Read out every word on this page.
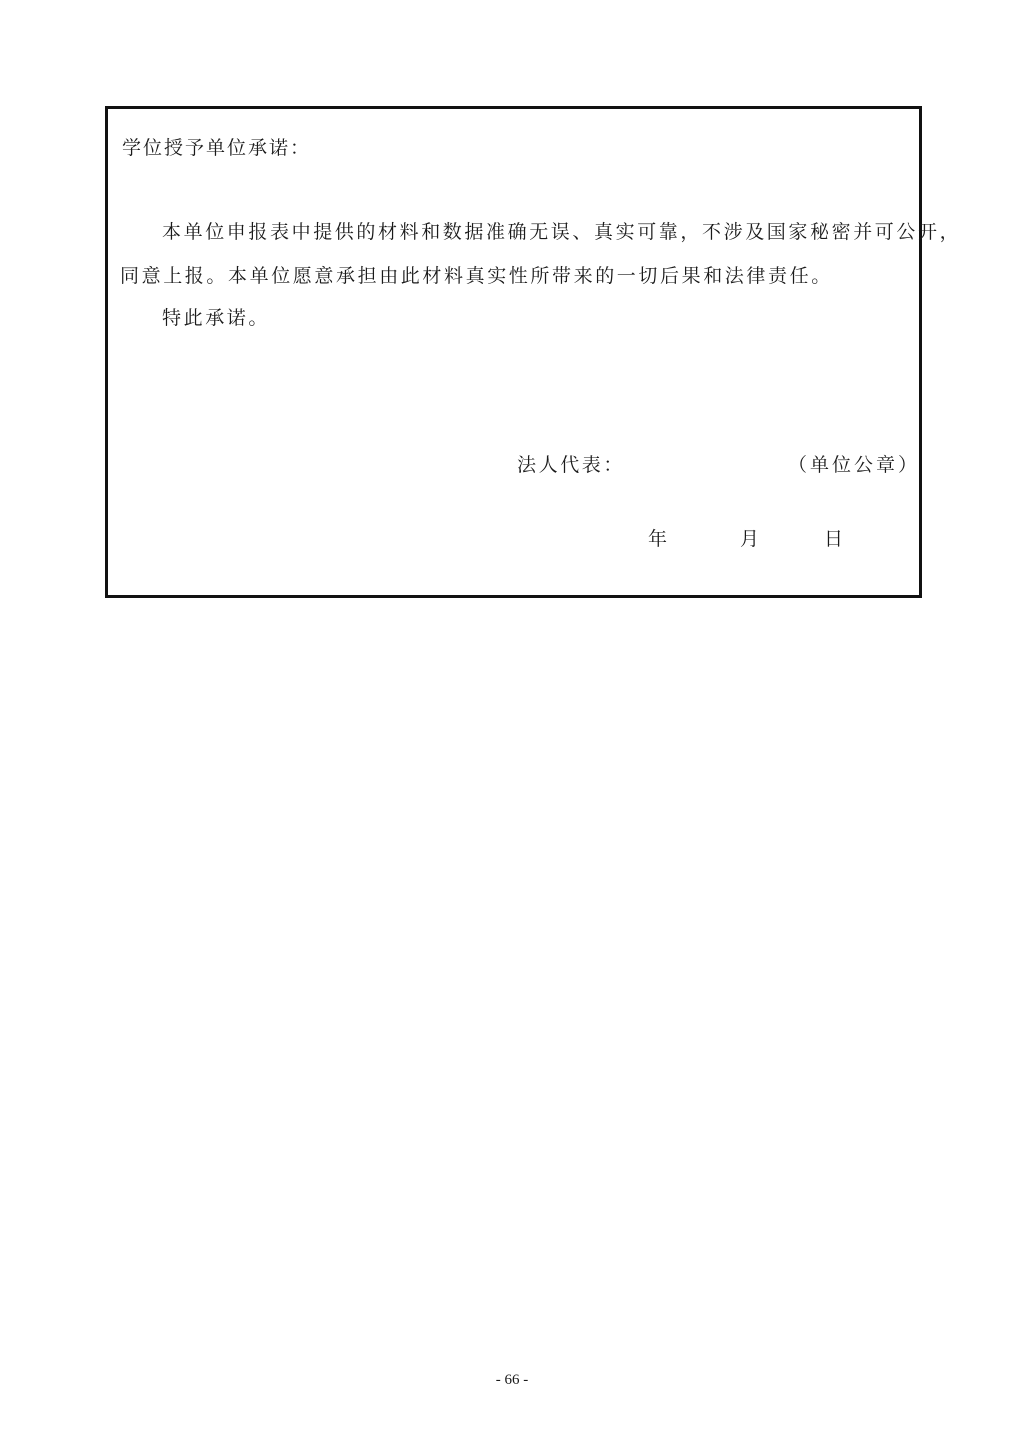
学位授予单位承诺：
本单位申报表中提供的材料和数据准确无误、真实可靠，不涉及国家秘密并可公开，
同意上报。本单位愿意承担由此材料真实性所带来的一切后果和法律责任。
特此承诺。
法人代表：	（单位公章）
年	月	日
- 66 -
